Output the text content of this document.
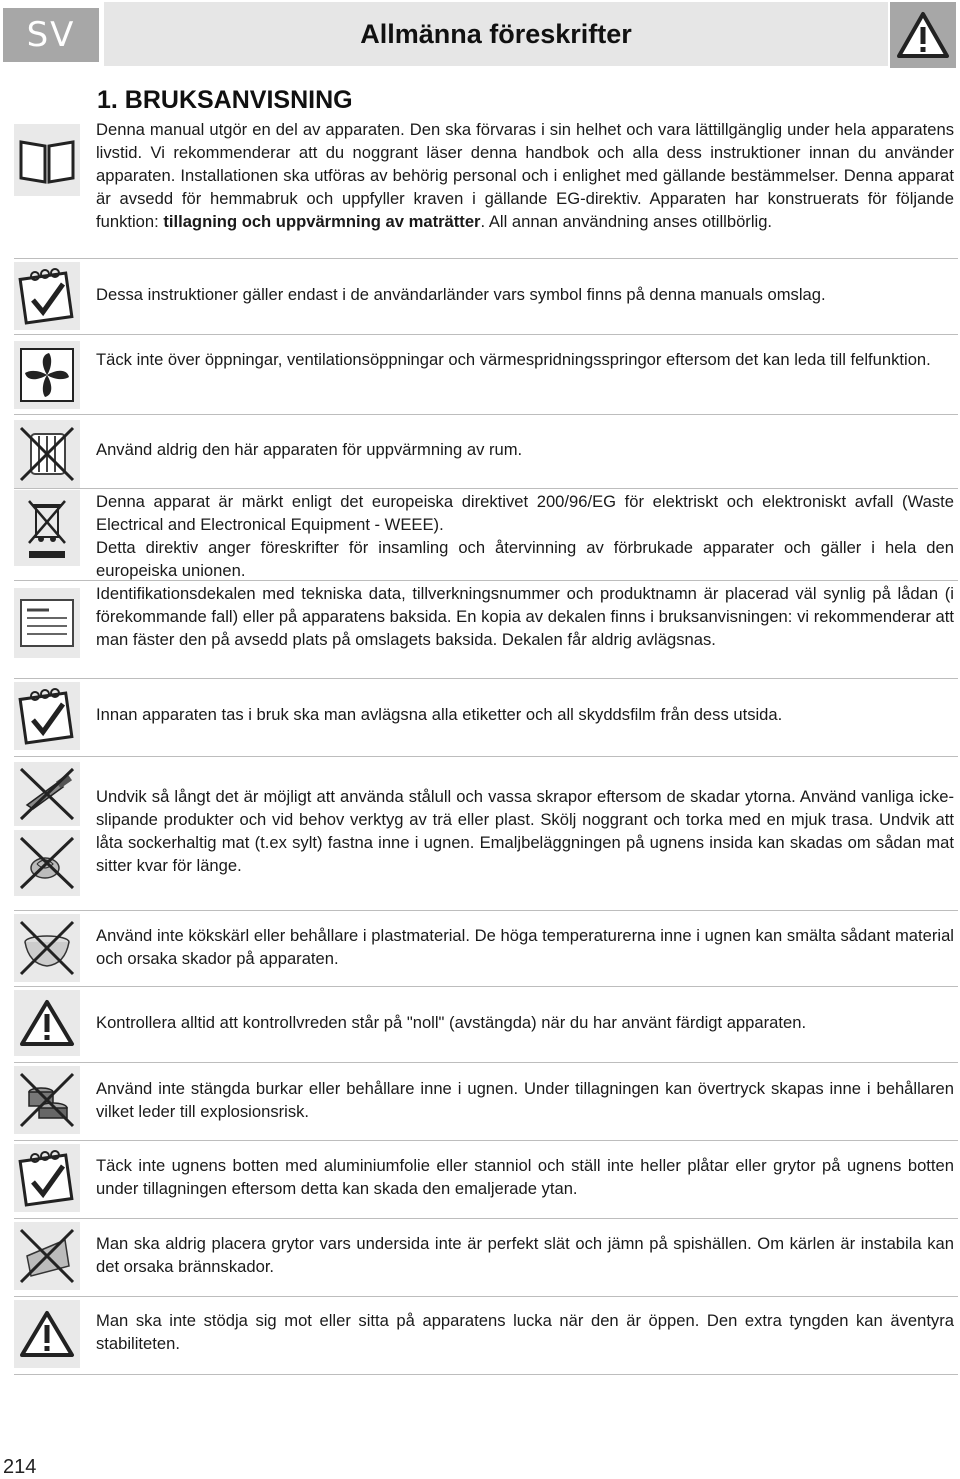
SV	Allmänna föreskrifter
1. BRUKSANVISNING

Denna manual utgör en del av apparaten. Den ska förvaras i sin helhet och vara lättillgänglig under hela apparatens livstid. Vi rekommenderar att du noggrant läser denna handbok och alla dess instruktioner innan du använder apparaten. Installationen ska utföras av behörig personal och i enlighet med gällande bestämmelser. Denna apparat är avsedd för hemmabruk och uppfyller kraven i gällande EG-direktiv. Apparaten har konstruerats för följande funktion: tillagning och uppvärmning av maträtter. All annan användning anses otillbörlig.

Dessa instruktioner gäller endast i de användarländer vars symbol finns på denna manuals omslag.
Täck inte över öppningar, ventilationsöppningar och värmespridningsspringor eftersom det kan leda till felfunktion.
Använd aldrig den här apparaten för uppvärmning av rum.

Denna apparat är märkt enligt det europeiska direktivet 200/96/EG för elektriskt och elektroniskt avfall (Waste Electrical and Electronical Equipment - WEEE).

Detta direktiv anger föreskrifter för insamling och återvinning av förbrukade apparater och gäller i hela den europeiska unionen.

Identifikationsdekalen med tekniska data, tillverkningsnummer och produktnamn är placerad väl synlig på lådan (i förekommande fall) eller på apparatens baksida. En kopia av dekalen finns i bruksanvisningen: vi rekommenderar att man fäster den på avsedd plats på omslagets baksida. Dekalen får aldrig avlägsnas.
Innan apparaten tas i bruk ska man avlägsna alla etiketter och all skyddsfilm från dess utsida.
Undvik så långt det är möjligt att använda stålull och vassa skrapor eftersom de skadar ytorna. Använd vanliga icke-slipande produkter och vid behov verktyg av trä eller plast. Skölj noggrant och torka med en mjuk trasa. Undvik att låta sockerhaltig mat (t.ex sylt) fastna inne i ugnen. Emaljbeläggningen på ugnens insida kan skadas om sådan mat sitter kvar för länge.
Använd inte kökskärl eller behållare i plastmaterial. De höga temperaturerna inne i ugnen kan smälta sådant material och orsaka skador på apparaten.
Kontrollera alltid att kontrollvreden står på "noll" (avstängda) när du har använt färdigt apparaten.
Använd inte stängda burkar eller behållare inne i ugnen. Under tillagningen kan övertryck skapas inne i behållaren vilket leder till explosionsrisk.
Täck inte ugnens botten med aluminiumfolie eller stanniol och ställ inte heller plåtar eller grytor på ugnens botten under tillagningen eftersom detta kan skada den emaljerade ytan.
Man ska aldrig placera grytor vars undersida inte är perfekt slät och jämn på spishällen. Om kärlen är instabila kan det orsaka brännskador.
Man ska inte stödja sig mot eller sitta på apparatens lucka när den är öppen. Den extra tyngden kan äventyra stabiliteten.
214
